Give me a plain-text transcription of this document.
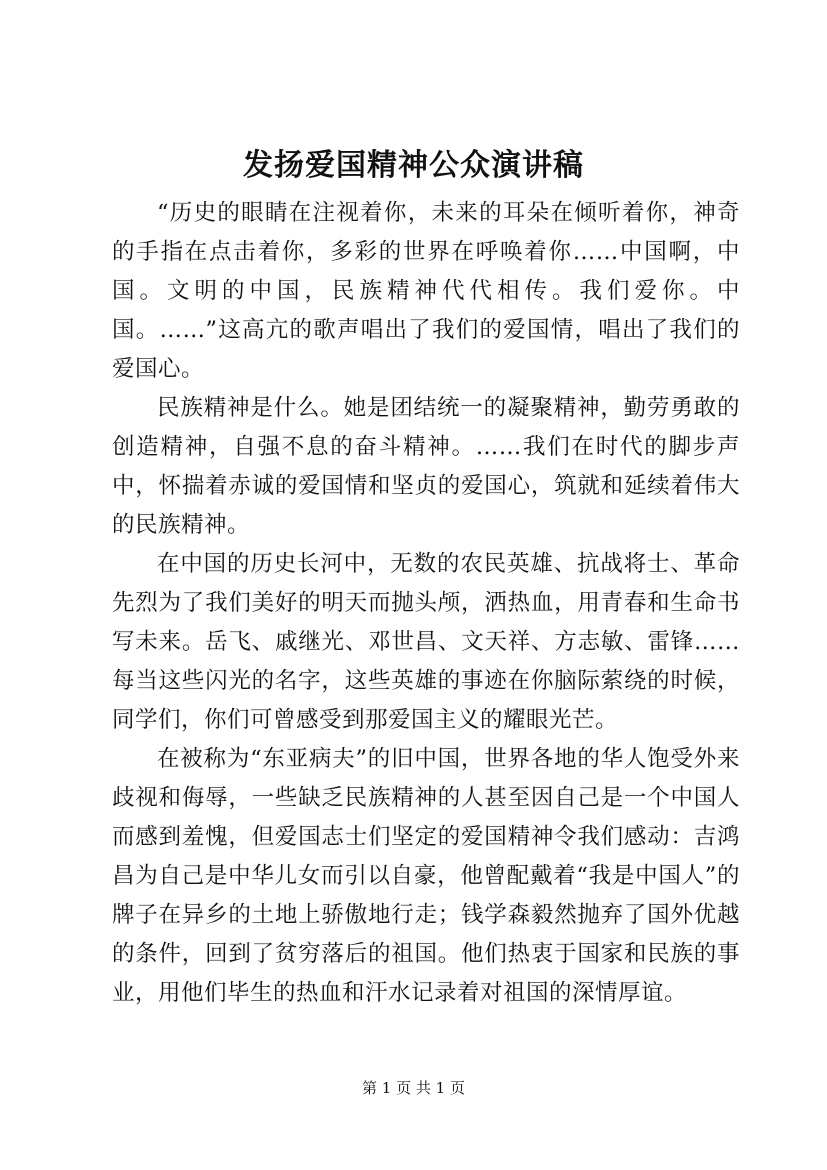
发扬爱国精神公众演讲稿

“历史的眼睛在注视着你，未来的耳朵在倾听着你，神奇的手指在点击着你，多彩的世界在呼唤着你……中国啊，中国。文明的中国，民族精神代代相传。我们爱你。中国。……”这高亢的歌声唱出了我们的爱国情，唱出了我们的爱国心。

民族精神是什么。她是团结统一的凝聚精神，勤劳勇敢的创造精神，自强不息的奋斗精神。……我们在时代的脚步声中，怀揣着赤诚的爱国情和坚贞的爱国心，筑就和延续着伟大的民族精神。

在中国的历史长河中，无数的农民英雄、抗战将士、革命先烈为了我们美好的明天而抛头颅，洒热血，用青春和生命书写未来。岳飞、戚继光、邓世昌、文天祥、方志敏、雷锋……每当这些闪光的名字，这些英雄的事迹在你脑际萦绕的时候，同学们，你们可曾感受到那爱国主义的耀眼光芒。

在被称为“东亚病夫”的旧中国，世界各地的华人饱受外来歧视和侮辱，一些缺乏民族精神的人甚至因自己是一个中国人而感到羞愧，但爱国志士们坚定的爱国精神令我们感动：吉鸿昌为自己是中华儿女而引以自豪，他曾配戴着“我是中国人”的牌子在异乡的土地上骄傲地行走；钱学森毅然抛弃了国外优越的条件，回到了贫穷落后的祖国。他们热衷于国家和民族的事业，用他们毕生的热血和汗水记录着对祖国的深情厚谊。

第 1 页 共 1 页
